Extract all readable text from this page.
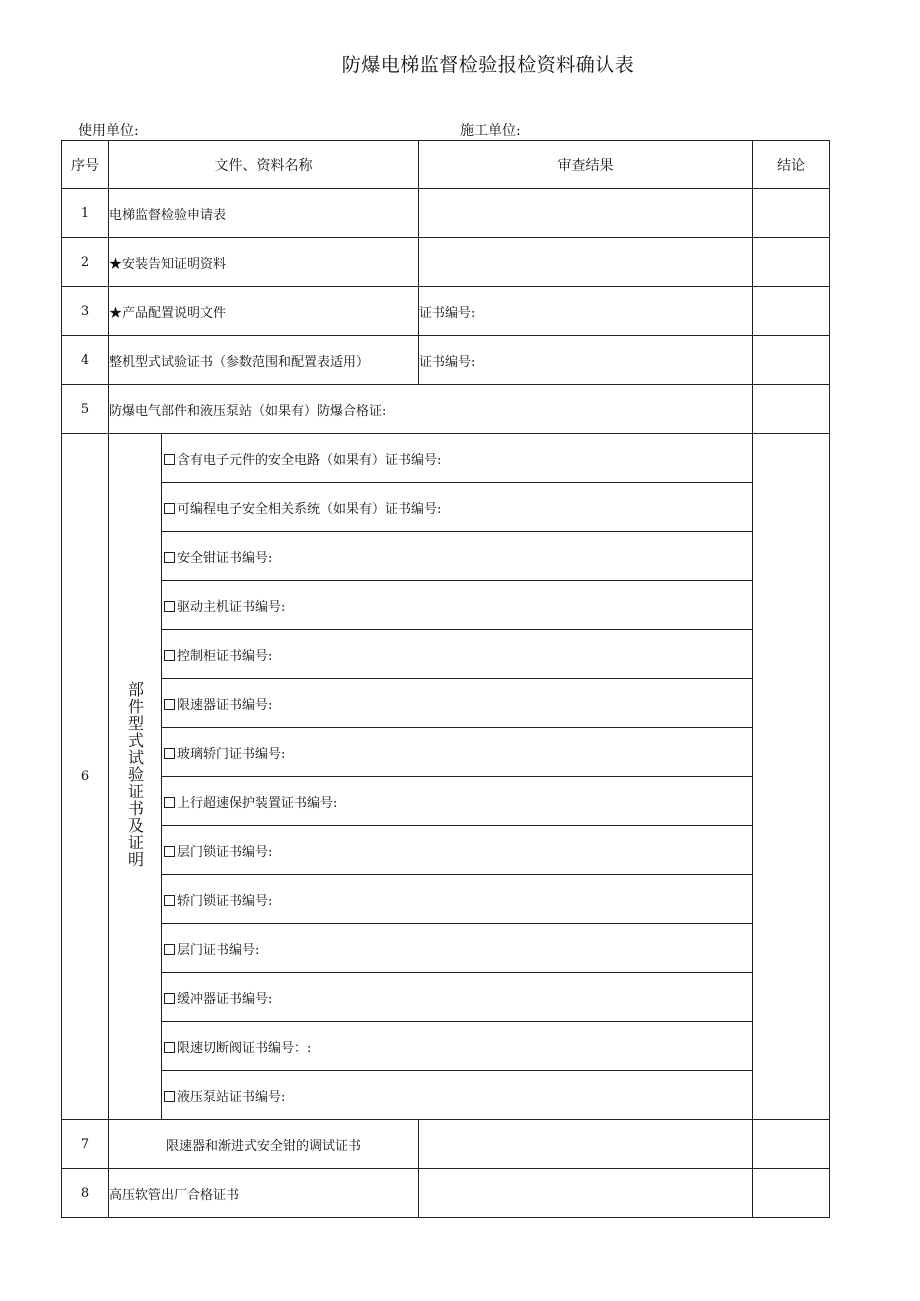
防爆电梯监督检验报检资料确认表
使用单位:	施工单位:
序号	文件、资料名称		审查结果	结论
1	电梯监督检验申请表			
2	★安装告知证明资料			
3	★产品配置说明文件		证书编号:	
4	整机型式试验证书（参数范围和配置表适用）		证书编号:	
5	防爆电气部件和液压泵站（如果有）防爆合格证:			
6	部件型式试验证书及证明	含有电子元件的安全电路（如果有）证书编号:		
		可编程电子安全相关系统（如果有）证书编号:		
		安全钳证书编号:		
		驱动主机证书编号:		
		控制柜证书编号:		
		限速器证书编号:		
		玻璃轿门证书编号:		
		上行超速保护装置证书编号:		
		层门锁证书编号:		
		轿门锁证书编号:		
		层门证书编号:		
		缓冲器证书编号:		
		限速切断阀证书编号：:		
		液压泵站证书编号:		
7	限速器和渐进式安全钳的调试证书			
8	高压软管出厂合格证书			
